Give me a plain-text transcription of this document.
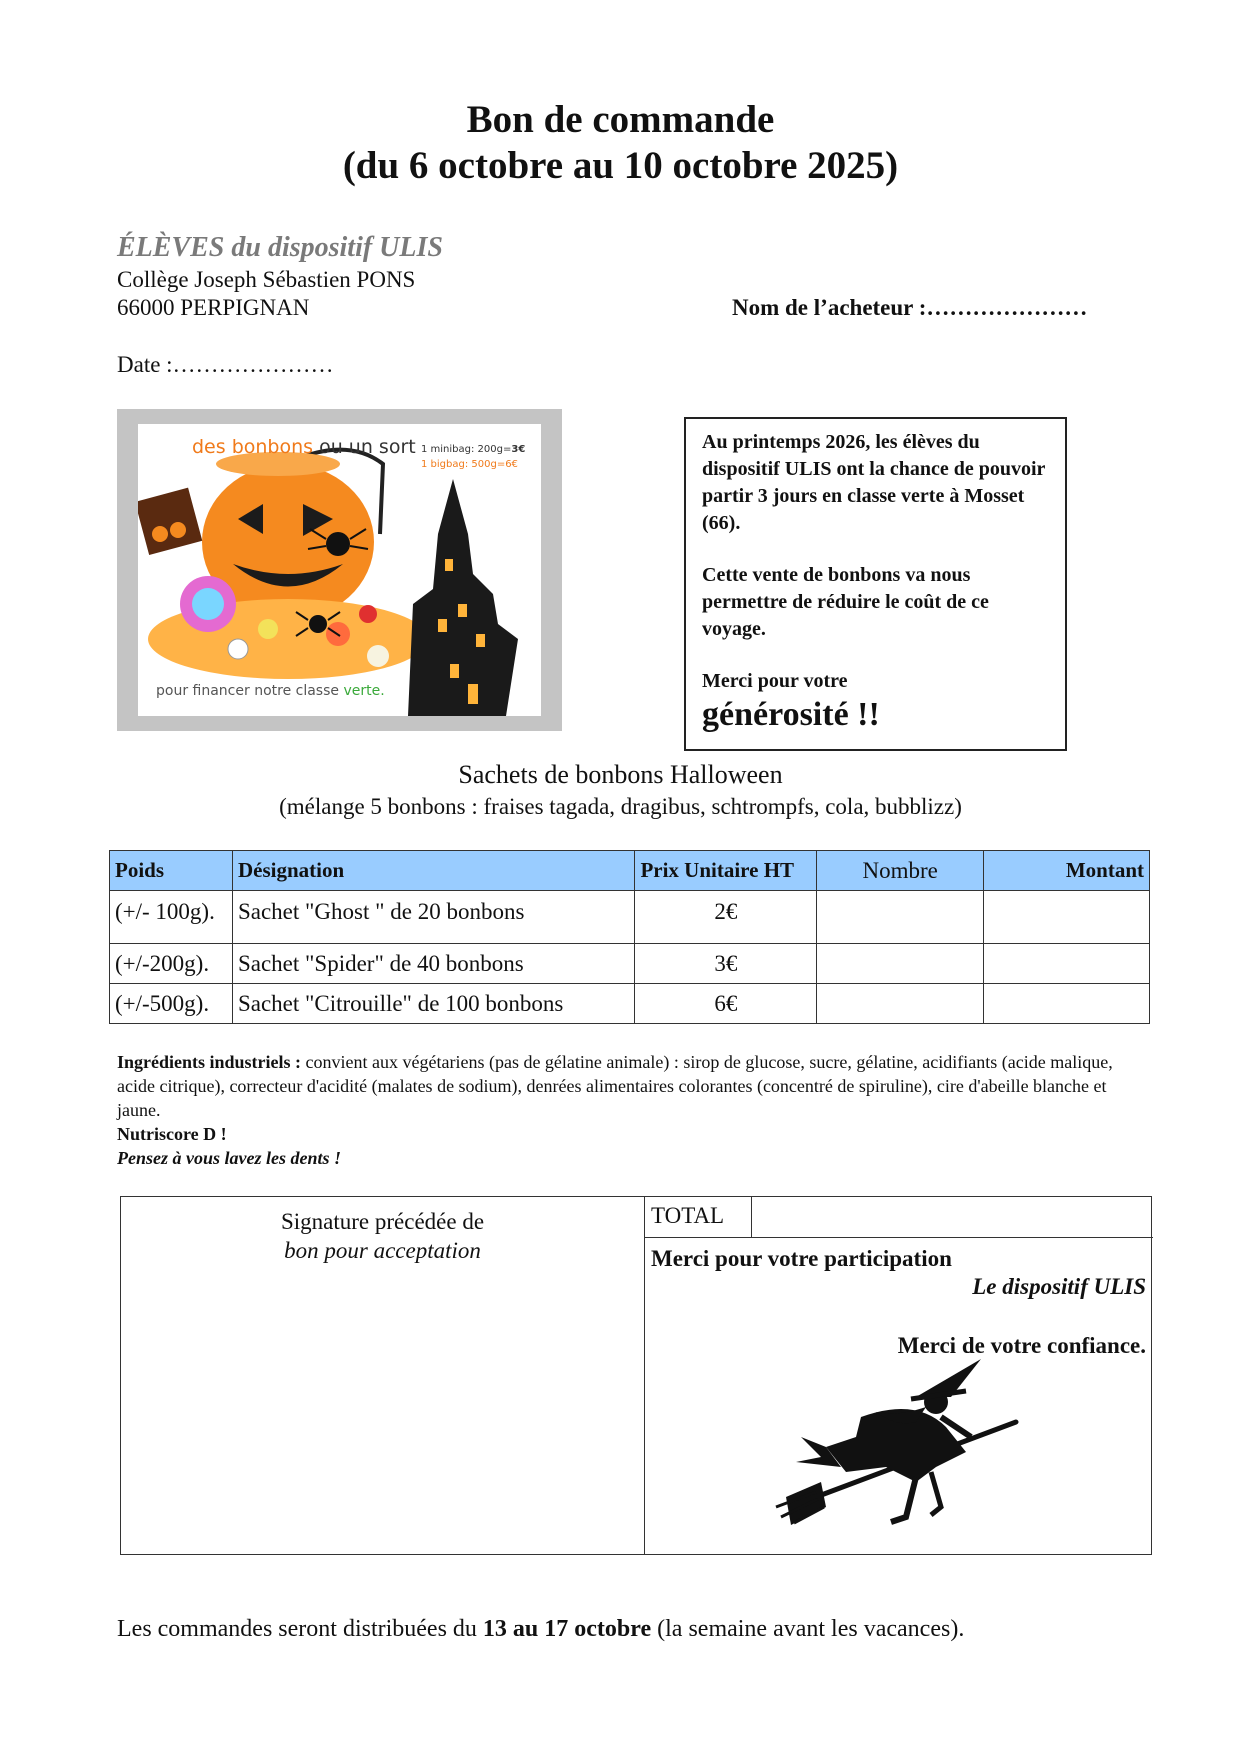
Bon de commande
(du 6 octobre au 10 octobre 2025)
ÉLÈVES du dispositif ULIS
Collège Joseph Sébastien PONS
66000 PERPIGNAN	Nom de l’acheteur :…………………
Date :…………………
des bonbons ou un sort 1 minibag: 200g=3€
1 bigbag: 500g=6€
pour financer notre classe verte.

Au printemps 2026, les élèves du dispositif ULIS ont la chance de pouvoir partir 3 jours en classe verte à Mosset (66).

Cette vente de bonbons va nous permettre de réduire le coût de ce voyage.

Merci pour votre
générosité !!
Sachets de bonbons Halloween
(mélange 5 bonbons : fraises tagada, dragibus, schtrompfs, cola, bubblizz)
Poids	Désignation	Prix Unitaire HT	Nombre	Montant
(+/- 100g).	Sachet "Ghost " de 20 bonbons	2€		
(+/-200g).	Sachet "Spider" de 40 bonbons	3€		
(+/-500g).	Sachet "Citrouille" de 100 bonbons	6€		
Ingrédients industriels : convient aux végétariens (pas de gélatine animale) : sirop de glucose, sucre, gélatine, acidifiants (acide malique, acide citrique), correcteur d'acidité (malates de sodium), denrées alimentaires colorantes (concentré de spiruline), cire d'abeille blanche et jaune.
Nutriscore D !
Pensez à vous lavez les dents !
Signature précédée de
bon pour acceptation
TOTAL
Merci pour votre participation
Le dispositif ULIS
Merci de votre confiance.
Les commandes seront distribuées du 13 au 17 octobre (la semaine avant les vacances).
